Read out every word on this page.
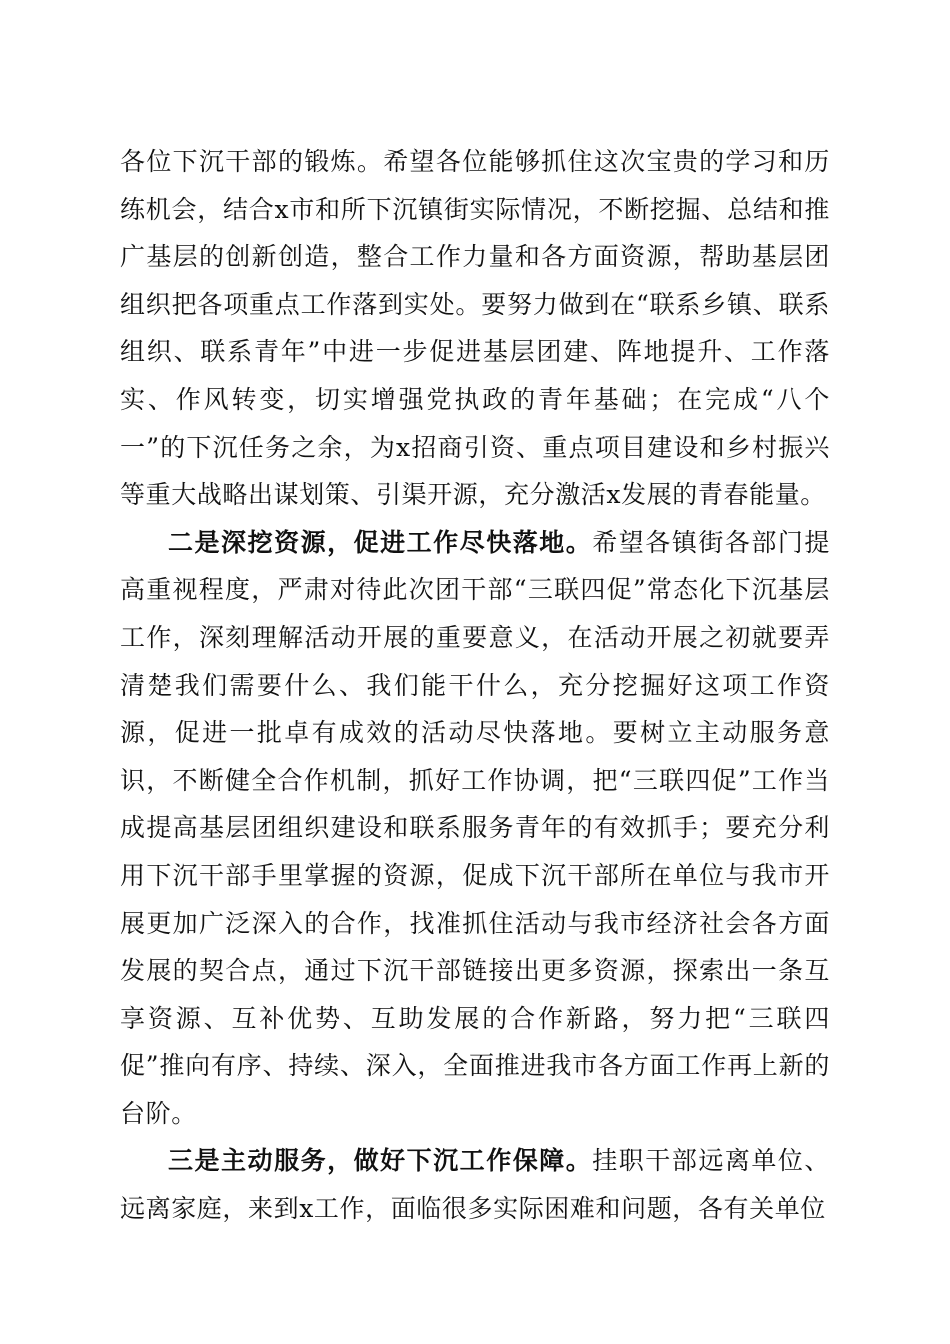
各位下沉干部的锻炼。希望各位能够抓住这次宝贵的学习和历练机会，结合x市和所下沉镇街实际情况，不断挖掘、总结和推广基层的创新创造，整合工作力量和各方面资源，帮助基层团组织把各项重点工作落到实处。要努力做到在“联系乡镇、联系组织、联系青年”中进一步促进基层团建、阵地提升、工作落实、作风转变，切实增强党执政的青年基础；在完成“八个一”的下沉任务之余，为x招商引资、重点项目建设和乡村振兴等重大战略出谋划策、引渠开源，充分激活x发展的青春能量。

二是深挖资源，促进工作尽快落地。希望各镇街各部门提高重视程度，严肃对待此次团干部“三联四促”常态化下沉基层工作，深刻理解活动开展的重要意义，在活动开展之初就要弄清楚我们需要什么、我们能干什么，充分挖掘好这项工作资源，促进一批卓有成效的活动尽快落地。要树立主动服务意识，不断健全合作机制，抓好工作协调，把“三联四促”工作当成提高基层团组织建设和联系服务青年的有效抓手；要充分利用下沉干部手里掌握的资源，促成下沉干部所在单位与我市开展更加广泛深入的合作，找准抓住活动与我市经济社会各方面发展的契合点，通过下沉干部链接出更多资源，探索出一条互享资源、互补优势、互助发展的合作新路，努力把“三联四促”推向有序、持续、深入，全面推进我市各方面工作再上新的台阶。

三是主动服务，做好下沉工作保障。挂职干部远离单位、远离家庭，来到x工作，面临很多实际困难和问题，各有关单位
